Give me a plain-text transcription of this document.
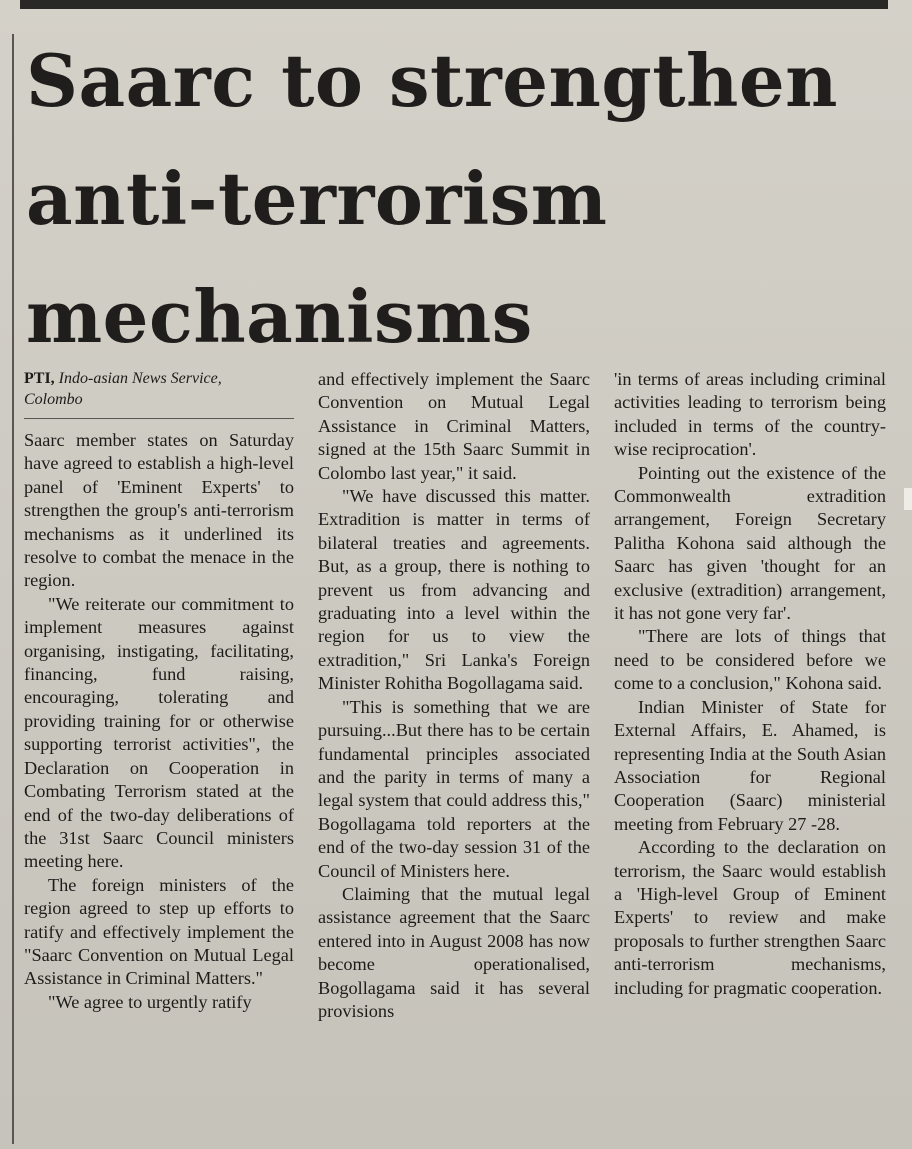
Saarc to strengthen
anti-terrorism
mechanisms
PTI, Indo-asian News Service,
Colombo

Saarc member states on Saturday have agreed to establish a high-level panel of 'Eminent Experts' to strengthen the group's anti-terrorism mechanisms as it underlined its resolve to combat the menace in the region.

"We reiterate our commitment to implement measures against organising, instigating, facilitating, financing, fund raising, encouraging, tolerating and providing training for or otherwise supporting terrorist activities", the Declaration on Cooperation in Combating Terrorism stated at the end of the two-day deliberations of the 31st Saarc Council ministers meeting here.

The foreign ministers of the region agreed to step up efforts to ratify and effectively implement the "Saarc Convention on Mutual Legal Assistance in Criminal Matters."

"We agree to urgently ratify

and effectively implement the Saarc Convention on Mutual Legal Assistance in Criminal Matters, signed at the 15th Saarc Summit in Colombo last year," it said.

"We have discussed this matter. Extradition is matter in terms of bilateral treaties and agreements. But, as a group, there is nothing to prevent us from advancing and graduating into a level within the region for us to view the extradition," Sri Lanka's Foreign Minister Rohitha Bogollagama said.

"This is something that we are pursuing...But there has to be certain fundamental principles associated and the parity in terms of many a legal system that could address this," Bogollagama told reporters at the end of the two-day session 31 of the Council of Ministers here.

Claiming that the mutual legal assistance agreement that the Saarc entered into in August 2008 has now become operationalised, Bogollagama said it has several provisions

'in terms of areas including criminal activities leading to terrorism being included in terms of the country-wise reciprocation'.

Pointing out the existence of the Commonwealth extradition arrangement, Foreign Secretary Palitha Kohona said although the Saarc has given 'thought for an exclusive (extradition) arrangement, it has not gone very far'.

"There are lots of things that need to be considered before we come to a conclusion," Kohona said.

Indian Minister of State for External Affairs, E. Ahamed, is representing India at the South Asian Association for Regional Cooperation (Saarc) ministerial meeting from February 27 -28.

According to the declaration on terrorism, the Saarc would establish a 'High-level Group of Eminent Experts' to review and make proposals to further strengthen Saarc anti-terrorism mechanisms, including for pragmatic cooperation.
